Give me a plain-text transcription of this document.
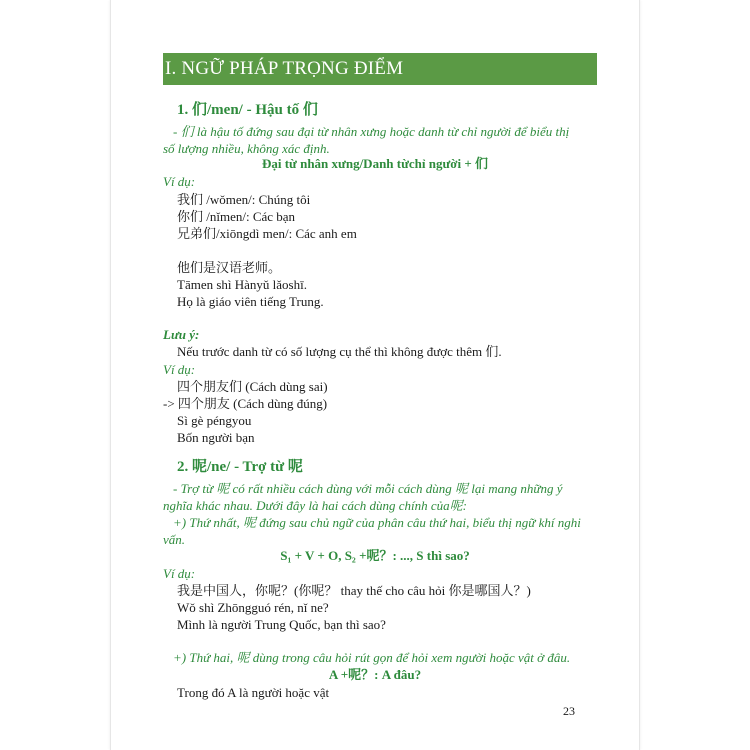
I. NGỮ PHÁP TRỌNG ĐIỂM
1. 们/men/ - Hậu tố 们
- 们 là hậu tố đứng sau đại từ nhân xưng hoặc danh từ chỉ người để biểu thị
số lượng nhiều, không xác định.
Đại từ nhân xưng/Danh từchỉ người + 们
Ví dụ:
我们 /wǒmen/: Chúng tôi
你们 /nǐmen/: Các bạn
兄弟们/xiōngdì men/: Các anh em
他们是汉语老师。
Tāmen shì Hànyǔ lǎoshī.
Họ là giáo viên tiếng Trung.
Lưu ý:
Nếu trước danh từ có số lượng cụ thể thì không được thêm 们.
Ví dụ:
四个朋友们 (Cách dùng sai)
-> 四个朋友 (Cách dùng đúng)
Sì gè péngyou
Bốn người bạn
2. 呢/ne/ - Trợ từ 呢
- Trợ từ 呢 có rất nhiều cách dùng với mỗi cách dùng 呢 lại mang những ý
nghĩa khác nhau. Dưới đây là hai cách dùng chính của呢:
+) Thứ nhất, 呢 đứng sau chủ ngữ của phân câu thứ hai, biểu thị ngữ khí nghi
vấn.
S₁ + V + O, S₂ +呢？: ..., S thì sao?
Ví dụ:
我是中国人，你呢？(你呢？ thay thế cho câu hỏi 你是哪国人？)
Wǒ shì Zhōngguó rén, nǐ ne?
Mình là người Trung Quốc, bạn thì sao?
+) Thứ hai, 呢 dùng trong câu hỏi rút gọn để hỏi xem người hoặc vật ở đâu.
A +呢？: A đâu?
Trong đó A là người hoặc vật
23
